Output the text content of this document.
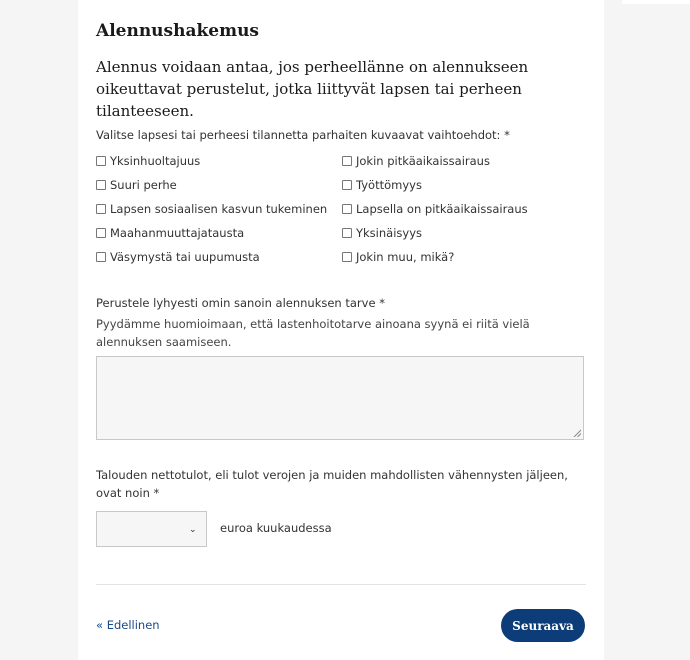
Alennushakemus
Alennus voidaan antaa, jos perheellänne on alennukseen oikeuttavat perustelut, jotka liittyvät lapsen tai perheen tilanteeseen.
Valitse lapsesi tai perheesi tilannetta parhaiten kuvaavat vaihtoehdot: *
Yksinhuoltajuus
Suuri perhe
Lapsen sosiaalisen kasvun tukeminen
Maahanmuuttajatausta
Väsymystä tai uupumusta
Jokin pitkäaikaissairaus
Työttömyys
Lapsella on pitkäaikaissairaus
Yksinäisyys
Jokin muu, mikä?
Perustele lyhyesti omin sanoin alennuksen tarve *
Pyydämme huomioimaan, että lastenhoitotarve ainoana syynä ei riitä vielä alennuksen saamiseen.
Talouden nettotulot, eli tulot verojen ja muiden mahdollisten vähennysten jäljeen, ovat noin *
⌄ euroa kuukaudessa
« Edellinen	Seuraava
